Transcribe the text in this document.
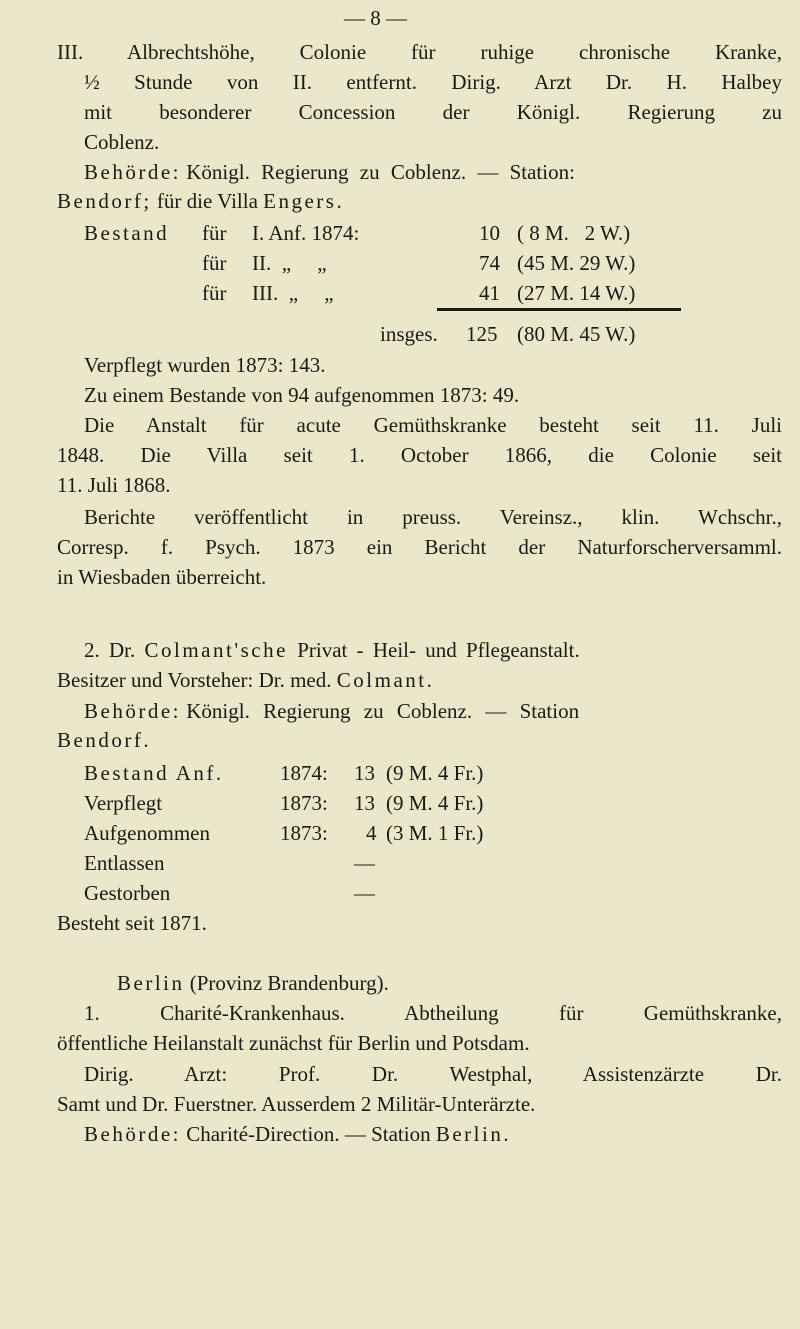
— 8 —
III. Albrechtshöhe, Colonie für ruhige chronische Kranke,
½ Stunde von II. entfernt. Dirig. Arzt Dr. H. Halbey
mit besonderer Concession der Königl. Regierung zu
Coblenz.
Behörde: Königl. Regierung zu Coblenz. — Station:
Bendorf; für die Villa Engers.
Bestand für I. Anf. 1874:	10 ( 8 M.   2 W.)
für II.  „     „	74 (45 M. 29 W.)
für III.  „     „	41 (27 M. 14 W.)
insges. 125 (80 M. 45 W.)
Verpflegt wurden 1873: 143.
Zu einem Bestande von 94 aufgenommen 1873: 49.
Die Anstalt für acute Gemüthskranke besteht seit 11. Juli
1848. Die Villa seit 1. October 1866, die Colonie seit
11. Juli 1868.
Berichte veröffentlicht in preuss. Vereinsz., klin. Wchschr.,
Corresp. f. Psych. 1873 ein Bericht der Naturforscherversamml.
in Wiesbaden überreicht.
2. Dr. Colmant'sche Privat - Heil- und Pflegeanstalt.
Besitzer und Vorsteher: Dr. med. Colmant.
Behörde: Königl. Regierung zu Coblenz. — Station
Bendorf.
Bestand Anf.	1874: 13 (9 M. 4 Fr.)
Verpflegt	1873: 13 (9 M. 4 Fr.)
Aufgenommen	1873: 4 (3 M. 1 Fr.)
Entlassen	—
Gestorben	—
Besteht seit 1871.
Berlin (Provinz Brandenburg).
1. Charité-Krankenhaus. Abtheilung für Gemüthskranke,
öffentliche Heilanstalt zunächst für Berlin und Potsdam.
Dirig. Arzt: Prof. Dr. Westphal, Assistenzärzte Dr.
Samt und Dr. Fuerstner. Ausserdem 2 Militär-Unterärzte.
Behörde: Charité-Direction. — Station Berlin.
